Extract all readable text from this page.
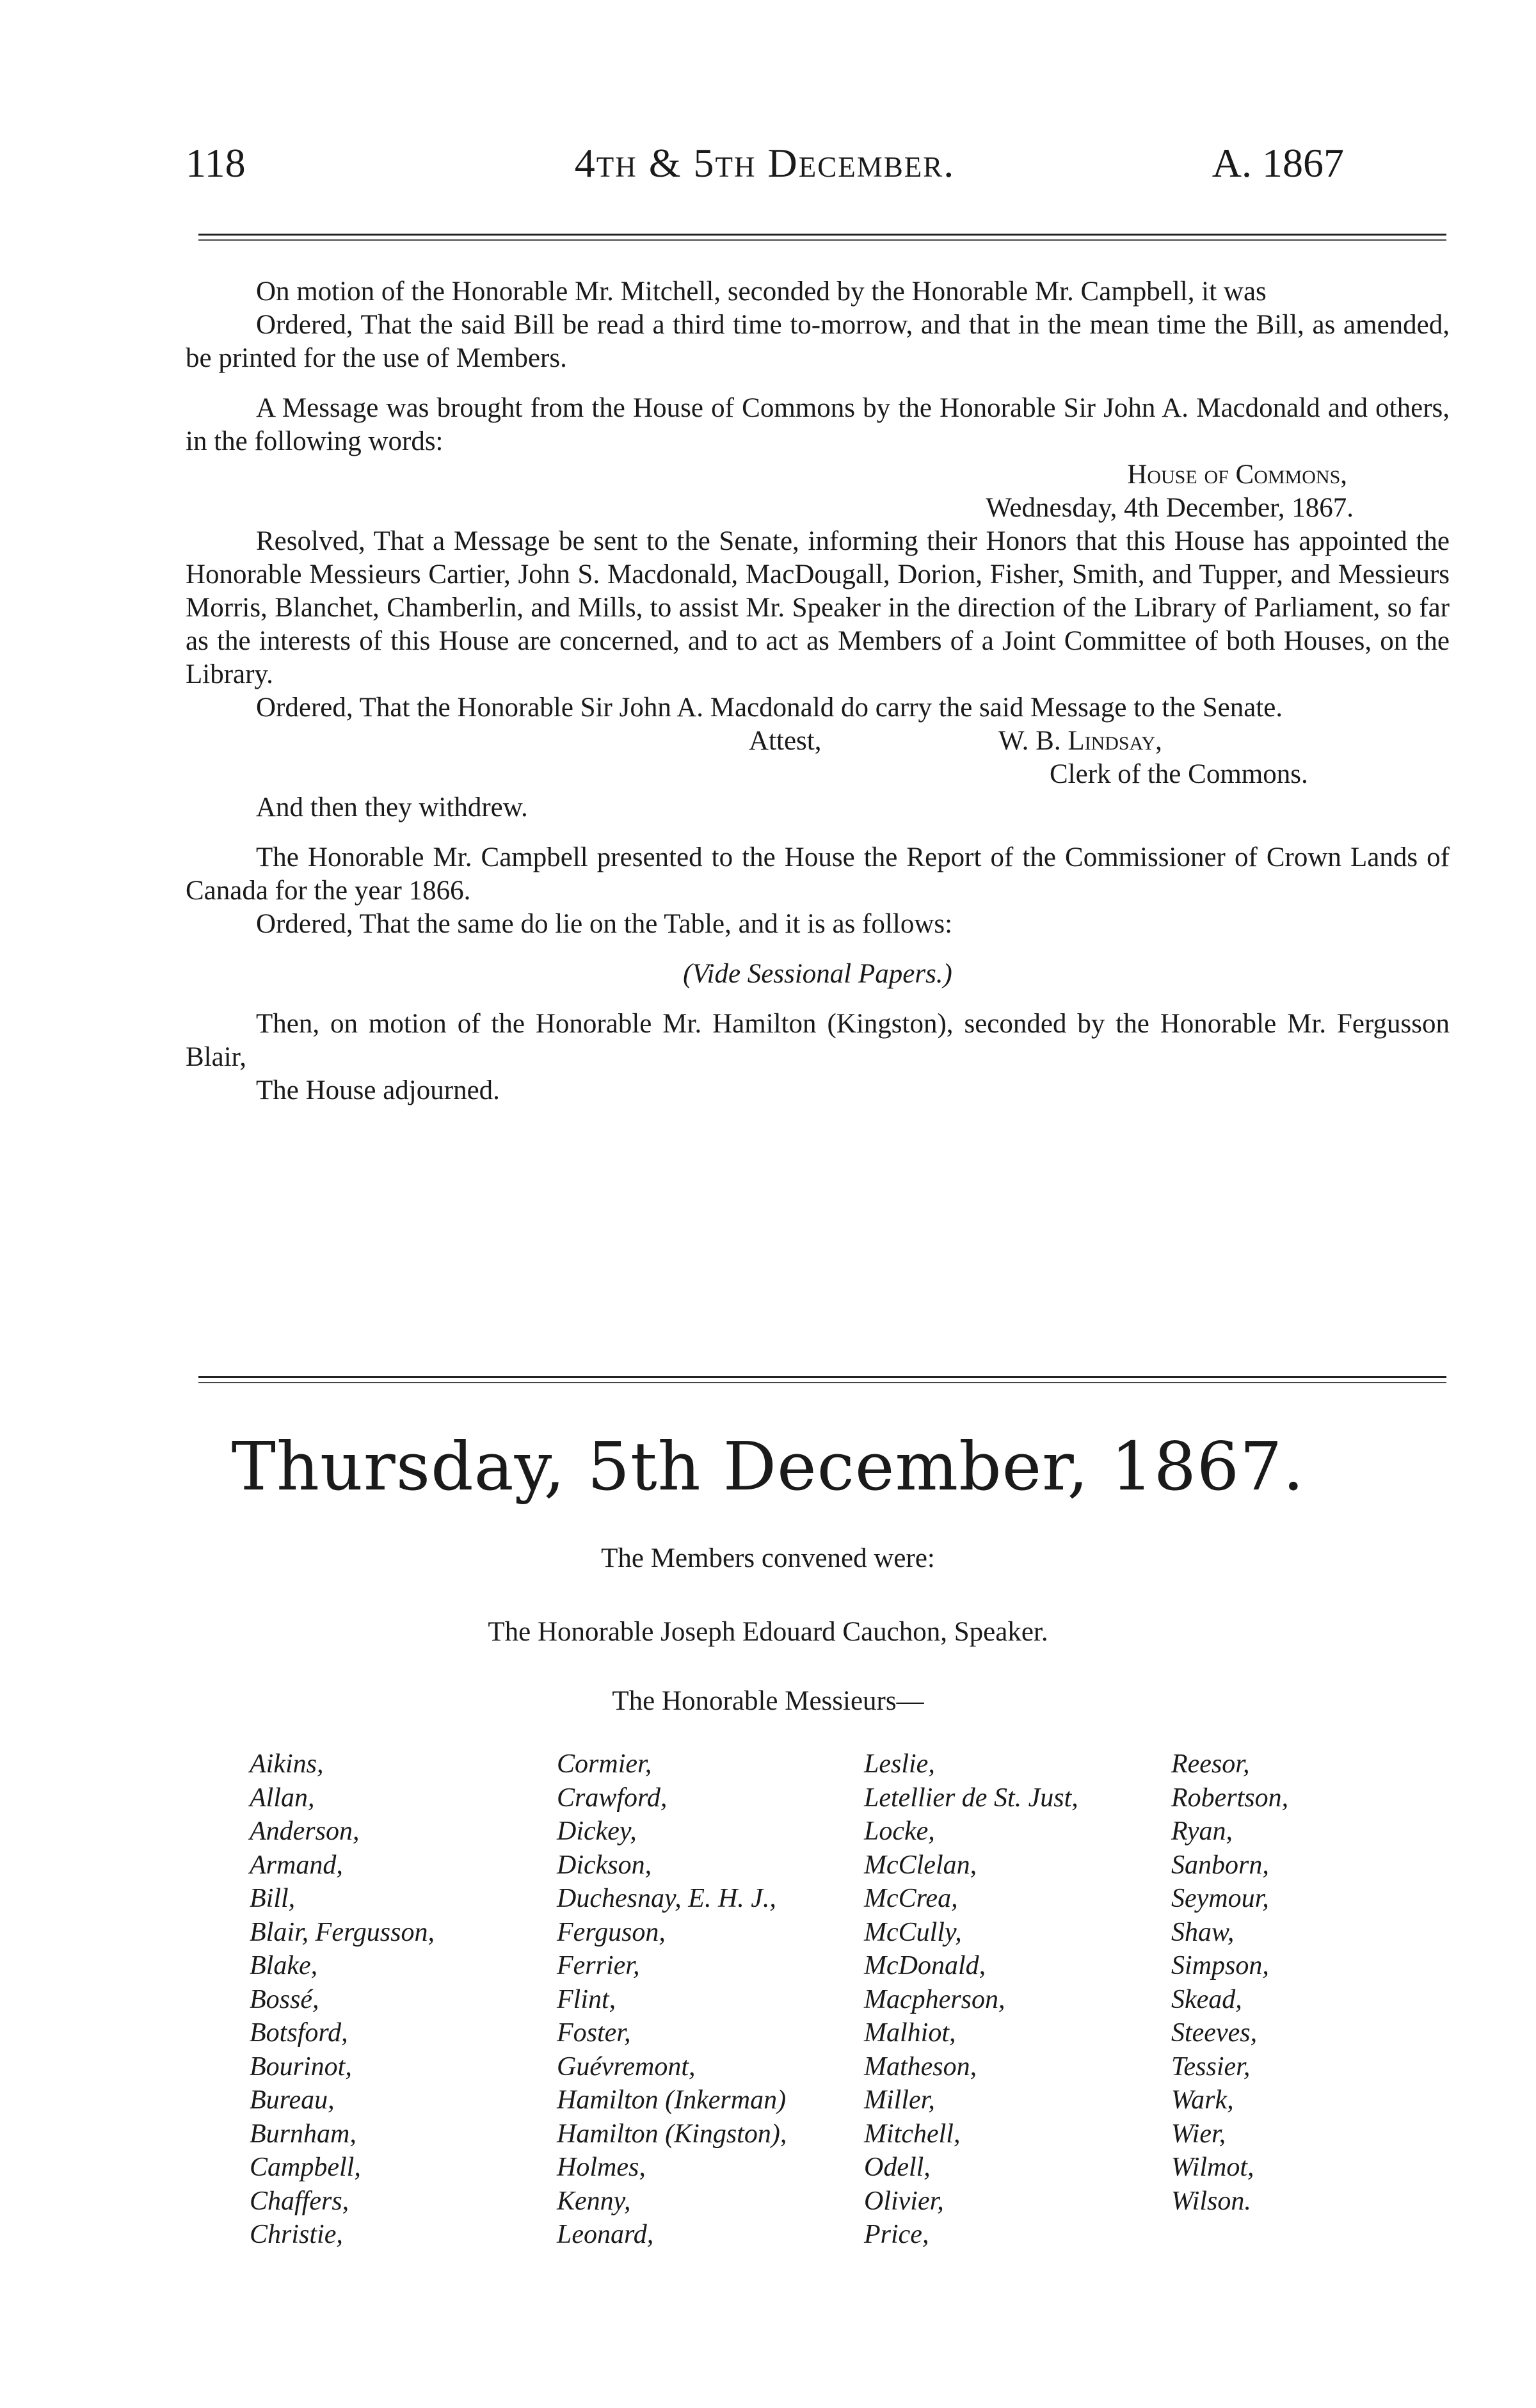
118	4th & 5th December.	A. 1867

On motion of the Honorable Mr. Mitchell, seconded by the Honorable Mr. Campbell, it was

Ordered, That the said Bill be read a third time to-morrow, and that in the mean time the Bill, as amended, be printed for the use of Members.

A Message was brought from the House of Commons by the Honorable Sir John A. Macdonald and others, in the following words:

House of Commons,

Wednesday, 4th December, 1867.

Resolved, That a Message be sent to the Senate, informing their Honors that this House has appointed the Honorable Messieurs Cartier, John S. Macdonald, MacDougall, Dorion, Fisher, Smith, and Tupper, and Messieurs Morris, Blanchet, Chamberlin, and Mills, to assist Mr. Speaker in the direction of the Library of Parliament, so far as the interests of this House are concerned, and to act as Members of a Joint Committee of both Houses, on the Library.

Ordered, That the Honorable Sir John A. Macdonald do carry the said Message to the Senate.

Attest,	W. B. Lindsay,
Clerk of the Commons.

And then they withdrew.

The Honorable Mr. Campbell presented to the House the Report of the Commissioner of Crown Lands of Canada for the year 1866.

Ordered, That the same do lie on the Table, and it is as follows:

(Vide Sessional Papers.)

Then, on motion of the Honorable Mr. Hamilton (Kingston), seconded by the Honorable Mr. Fergusson Blair,

The House adjourned.

Thursday, 5th December, 1867.
The Members convened were:
The Honorable Joseph Edouard Cauchon, Speaker.
The Honorable Messieurs—
Aikins,
Allan,
Anderson,
Armand,
Bill,
Blair, Fergusson,
Blake,
Bossé,
Botsford,
Bourinot,
Bureau,
Burnham,
Campbell,
Chaffers,
Christie,
Cormier,
Crawford,
Dickey,
Dickson,
Duchesnay, E. H. J.,
Ferguson,
Ferrier,
Flint,
Foster,
Guévremont,
Hamilton (Inkerman)
Hamilton (Kingston),
Holmes,
Kenny,
Leonard,
Leslie,
Letellier de St. Just,
Locke,
McClelan,
McCrea,
McCully,
McDonald,
Macpherson,
Malhiot,
Matheson,
Miller,
Mitchell,
Odell,
Olivier,
Price,
Reesor,
Robertson,
Ryan,
Sanborn,
Seymour,
Shaw,
Simpson,
Skead,
Steeves,
Tessier,
Wark,
Wier,
Wilmot,
Wilson.
